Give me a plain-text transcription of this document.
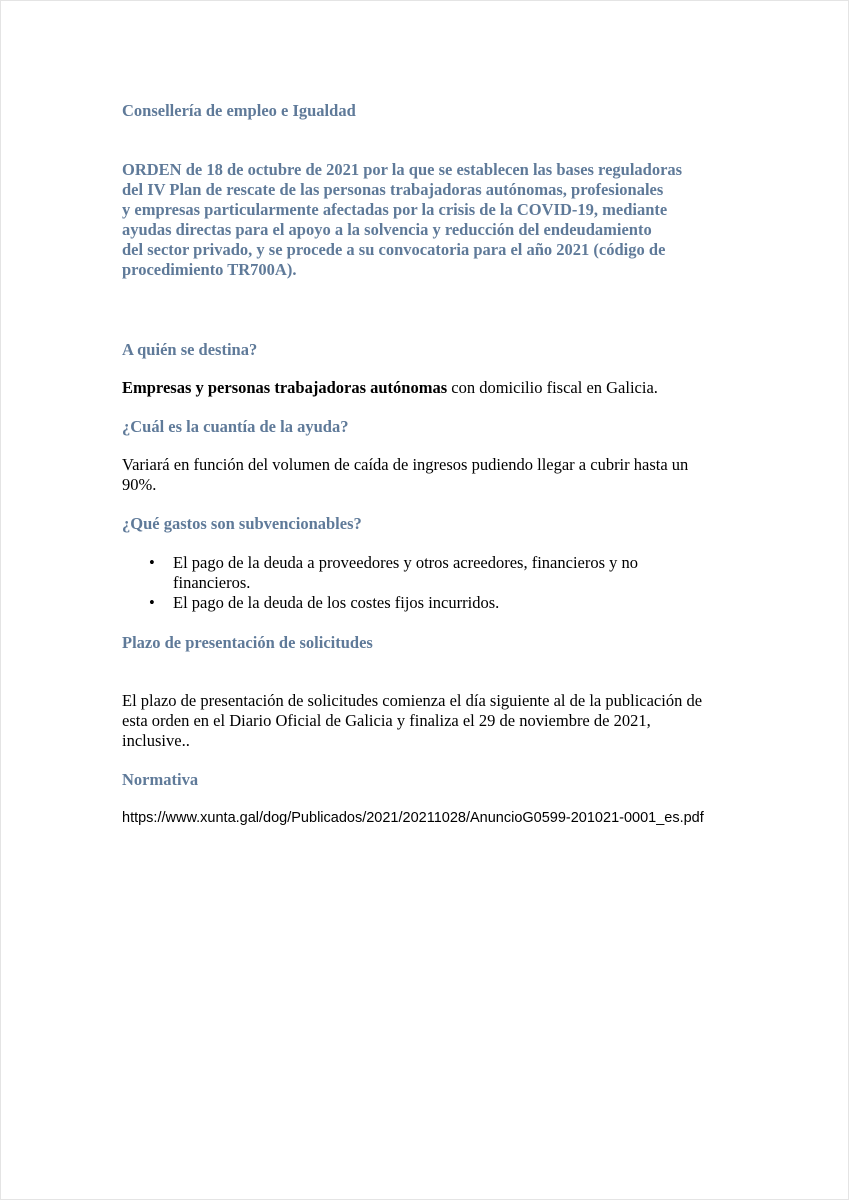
Consellería de empleo e Igualdad

ORDEN de 18 de octubre de 2021 por la que se establecen las bases reguladoras
del IV Plan de rescate de las personas trabajadoras autónomas, profesionales
y empresas particularmente afectadas por la crisis de la COVID-19, mediante
ayudas directas para el apoyo a la solvencia y reducción del endeudamiento
del sector privado, y se procede a su convocatoria para el año 2021 (código de
procedimiento TR700A).

A quién se destina?

Empresas y personas trabajadoras autónomas con domicilio fiscal en Galicia.

¿Cuál es la cuantía de la ayuda?

Variará en función del volumen de caída de ingresos pudiendo llegar a cubrir hasta un
90%.

¿Qué gastos son subvencionables?

• El pago de la deuda a proveedores y otros acreedores, financieros y no
financieros.
• El pago de la deuda de los costes fijos incurridos.

Plazo de presentación de solicitudes

El plazo de presentación de solicitudes comienza el día siguiente al de la publicación de
esta orden en el Diario Oficial de Galicia y finaliza el 29 de noviembre de 2021,
inclusive..

Normativa

https://www.xunta.gal/dog/Publicados/2021/20211028/AnuncioG0599-201021-0001_es.pdf
